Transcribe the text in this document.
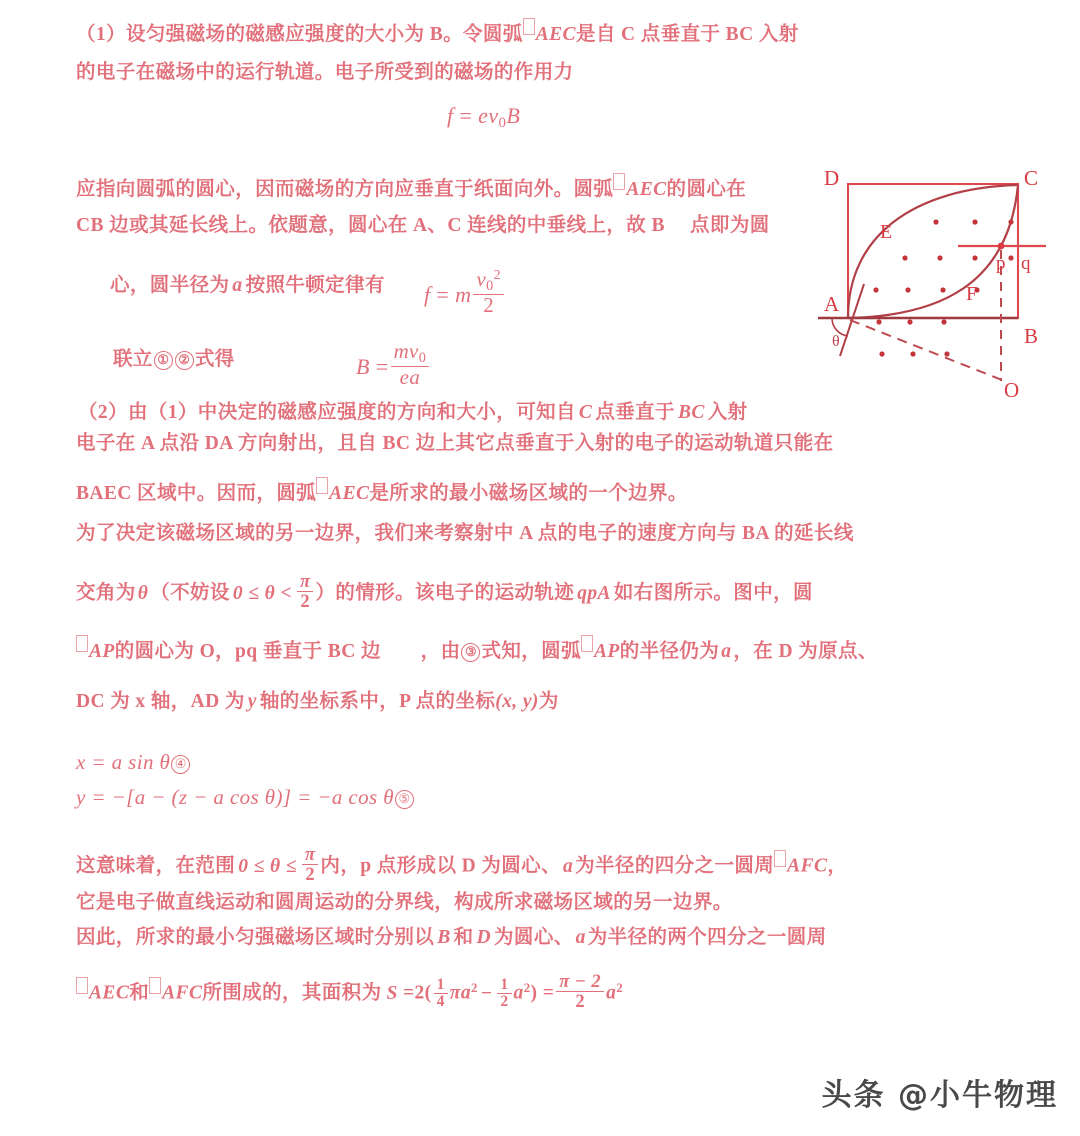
（1）设匀强磁场的磁感应强度的大小为 B。令圆弧 AEC是自 C 点垂直于 BC 入射
的电子在磁场中的运行轨道。电子所受到的磁场的作用力
$f = ev_0B$
应指向圆弧的圆心，因而磁场的方向应垂直于纸面向外。圆弧 AEC的圆心在
CB 边或其延长线上。依题意，圆心在 A、C 连线的中垂线上，故 B 　点即为圆
心，圆半径为 a 按照牛顿定律有 f = m $\frac{v_0^2}{2}$
联立 ① ② 式得	$B = \frac{mv_0}{ea}$
（2）由（1）中决定的磁感应强度的方向和大小，可知自 C 点垂直于 BC 入射
电子在 A 点沿 DA 方向射出，且自 BC 边上其它点垂直于入射的电子的运动轨道只能在
BAEC 区域中。因而，圆弧 AEC是所求的最小磁场区域的一个边界。
为了决定该磁场区域的另一边界，我们来考察射中 A 点的电子的速度方向与 BA 的延长线
交角为 θ （不妨设 $0 \le \theta < \frac{\pi}{2}$ ）的情形。该电子的运动轨迹 qpA 如右图所示。图中，圆
AP的圆心为 O，pq 垂直于 BC 边　　，由 ③ 式知，圆弧 AP的半径仍为 a ，在 D 为原点、
DC 为 x 轴，AD 为 y 轴的坐标系中，P 点的坐标(x, y)为
x = a sin θ ④
y = −[a − (z − a cos θ)] = −a cos θ ⑤
这意味着，在范围 $0 \le \theta \le \frac{\pi}{2}$ 内，p 点形成以 D 为圆心、 a 为半径的四分之一圆周 AFC，
它是电子做直线运动和圆周运动的分界线，构成所求磁场区域的另一边界。
因此，所求的最小匀强磁场区域时分别以 B 和 D 为圆心、 a 为半径的两个四分之一圆周
AEC和 AFC所围成的，其面积为 $S =2( \frac{1}{4} \pi a^2 - \frac{1}{2} a^2) = \frac{\pi - 2}{2} a^2$
D	C
B
A
E
F
p q
O
θ
头条 @小牛物理
